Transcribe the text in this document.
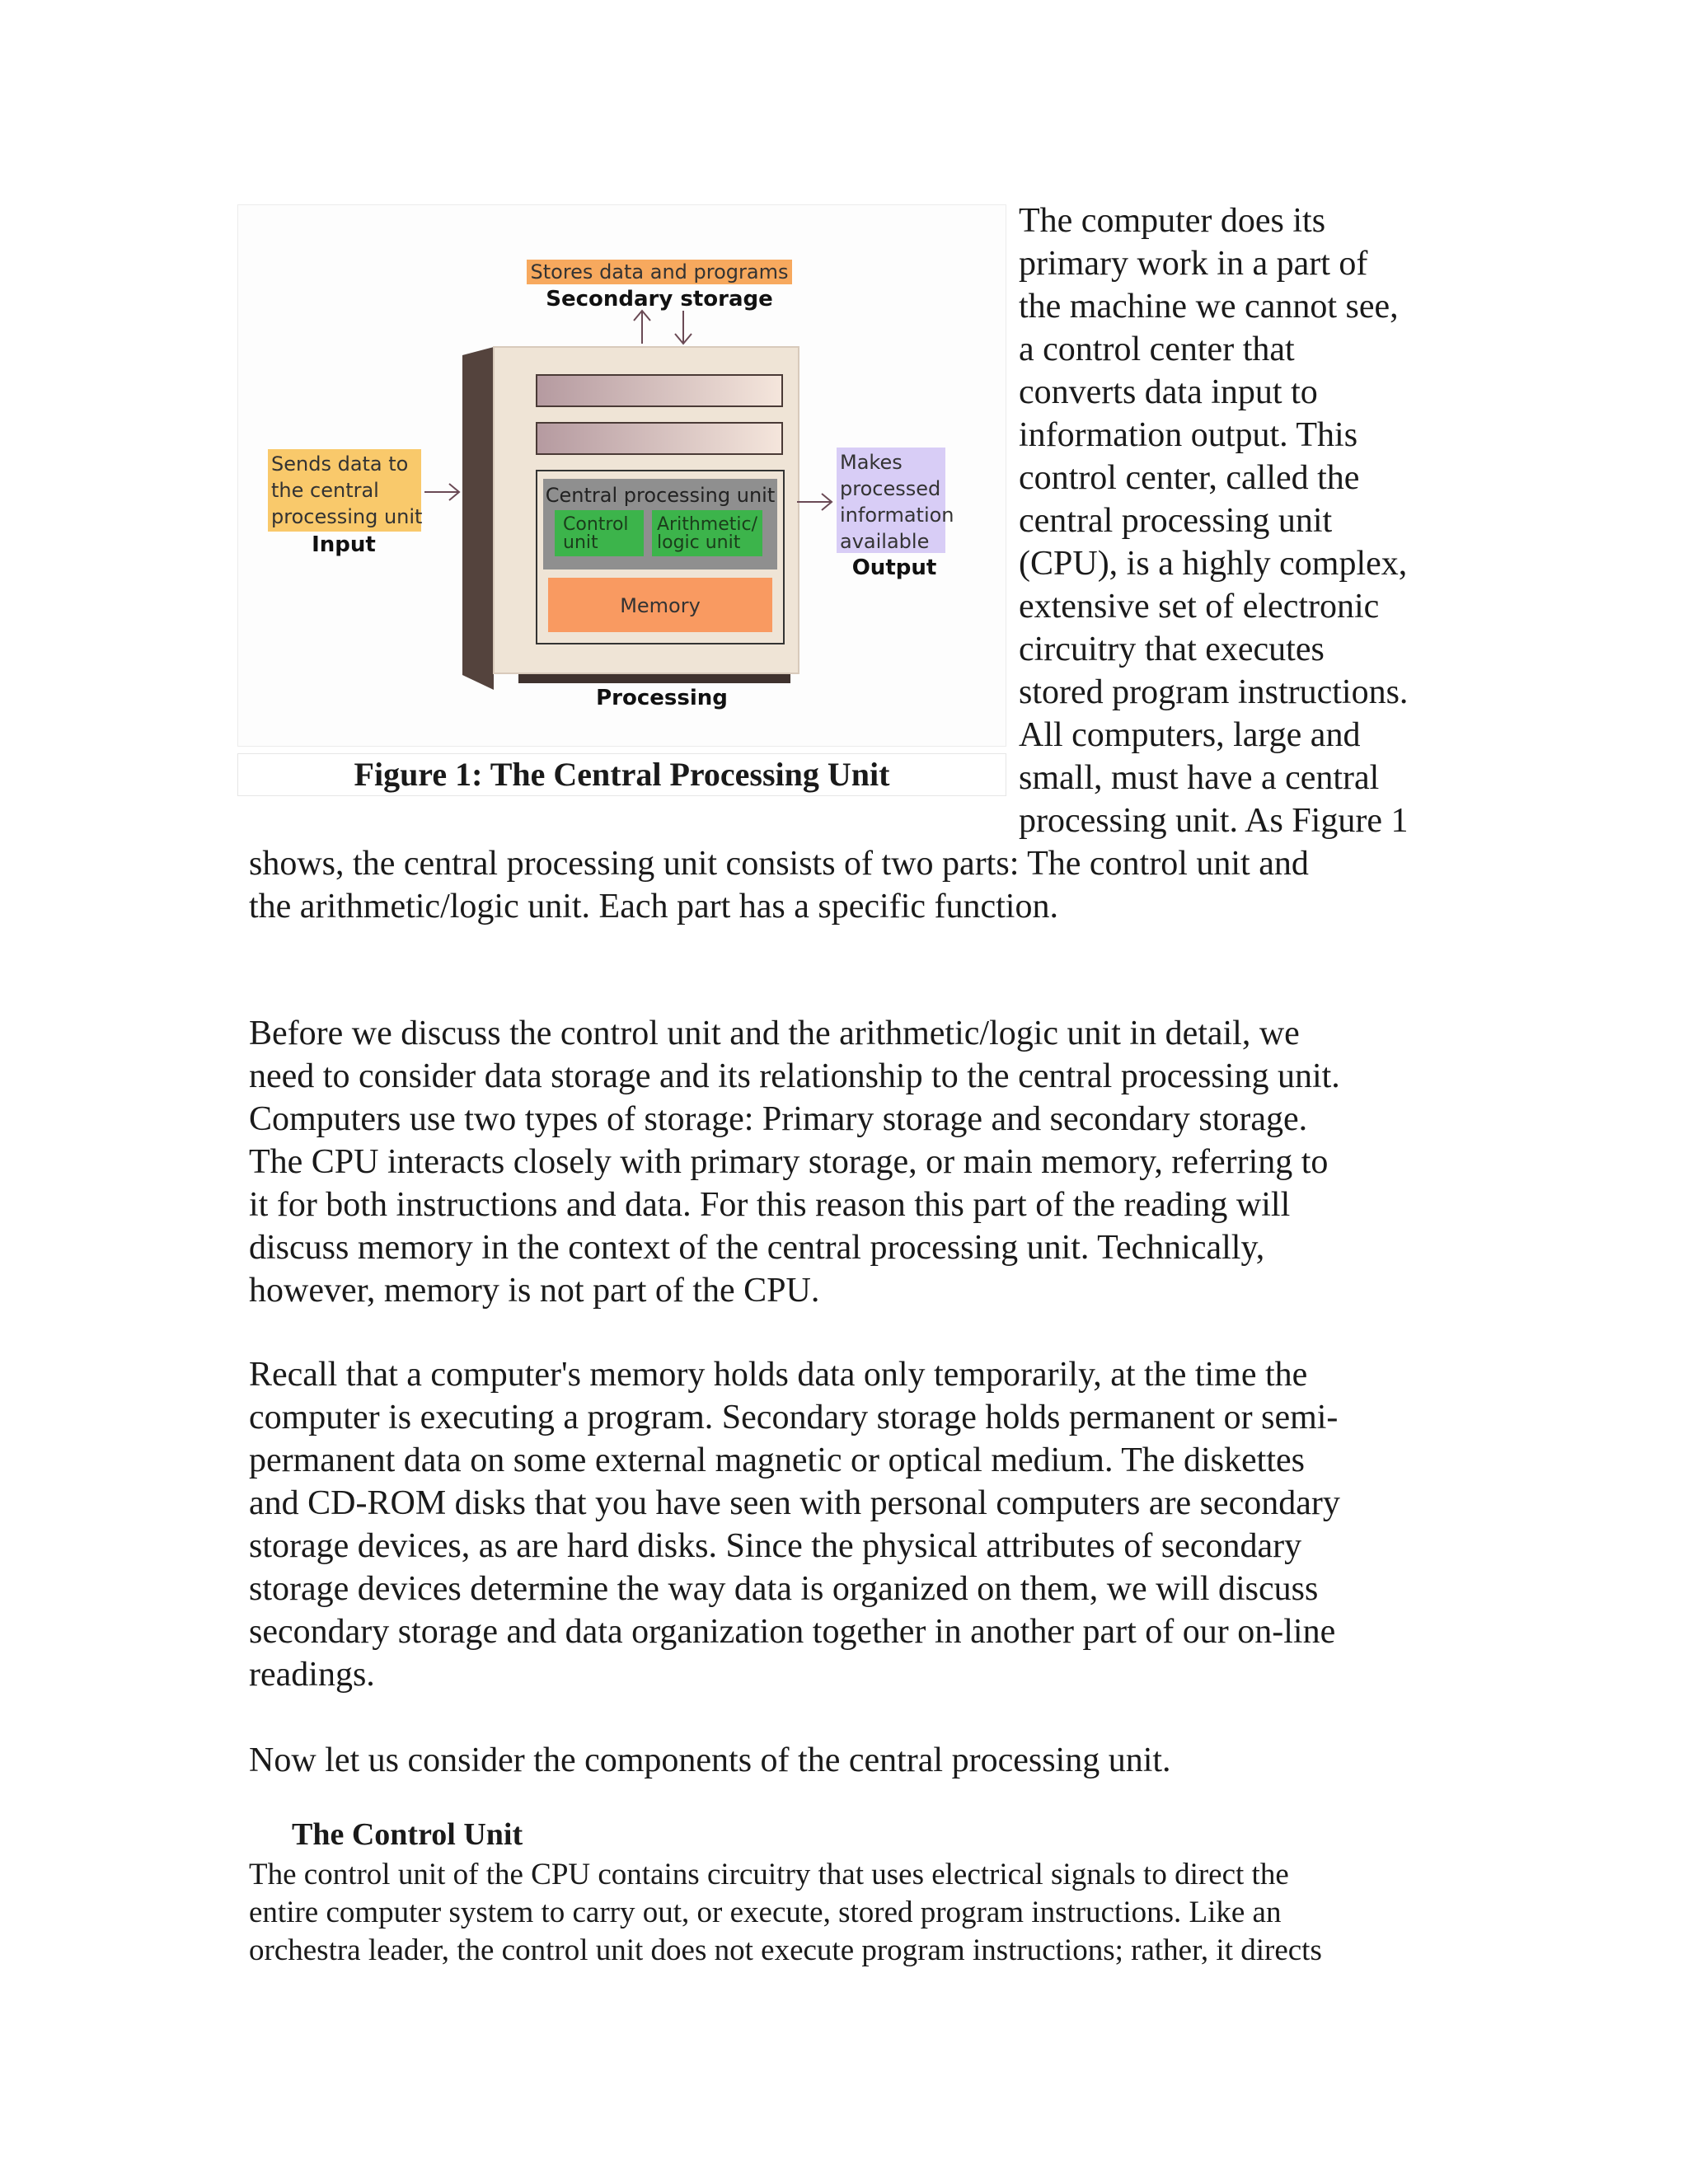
Stores data and programs
Secondary storage
Central processing unit
Control
unit
Arithmetic/
logic unit
Memory
Processing
Sends data to
the central
processing unit
Input
Makes
processed
information
available
Output
Figure 1: The Central Processing Unit
The computer does its
primary work in a part of
the machine we cannot see,
a control center that
converts data input to
information output. This
control center, called the
central processing unit
(CPU), is a highly complex,
extensive set of electronic
circuitry that executes
stored program instructions.
All computers, large and
small, must have a central
processing unit. As Figure 1
shows, the central processing unit consists of two parts: The control unit and
the arithmetic/logic unit. Each part has a specific function.
Before we discuss the control unit and the arithmetic/logic unit in detail, we
need to consider data storage and its relationship to the central processing unit.
Computers use two types of storage: Primary storage and secondary storage.
The CPU interacts closely with primary storage, or main memory, referring to
it for both instructions and data. For this reason this part of the reading will
discuss memory in the context of the central processing unit. Technically,
however, memory is not part of the CPU.
Recall that a computer's memory holds data only temporarily, at the time the
computer is executing a program. Secondary storage holds permanent or semi-
permanent data on some external magnetic or optical medium. The diskettes
and CD-ROM disks that you have seen with personal computers are secondary
storage devices, as are hard disks. Since the physical attributes of secondary
storage devices determine the way data is organized on them, we will discuss
secondary storage and data organization together in another part of our on-line
readings.
Now let us consider the components of the central processing unit.
The Control Unit
The control unit of the CPU contains circuitry that uses electrical signals to direct the
entire computer system to carry out, or execute, stored program instructions. Like an
orchestra leader, the control unit does not execute program instructions; rather, it directs
